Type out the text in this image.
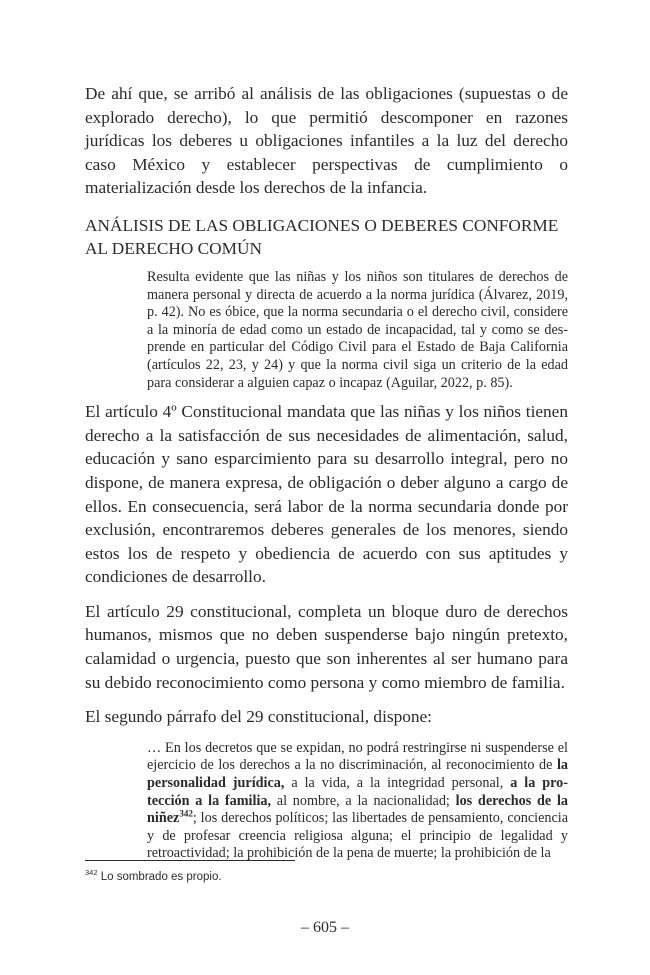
De ahí que, se arribó al análisis de las obligaciones (supuestas o de explorado derecho), lo que permitió descomponer en razones jurídicas los deberes u obligaciones infantiles a la luz del derecho caso México y establecer perspectivas de cumplimiento o materialización desde los derechos de la infancia.

ANÁLISIS DE LAS OBLIGACIONES O DEBERES CONFORME AL DERECHO COMÚN

Resulta evidente que las niñas y los niños son titulares de derechos de manera personal y directa de acuerdo a la norma jurídica (Álvarez, 2019, p. 42). No es óbice, que la norma secundaria o el derecho civil, considere a la minoría de edad como un estado de incapacidad, tal y como se desprende en particular del Código Civil para el Estado de Baja California (artículos 22, 23, y 24) y que la norma civil siga un criterio de la edad para considerar a alguien capaz o incapaz (Aguilar, 2022, p. 85).

El artículo 4º Constitucional mandata que las niñas y los niños tienen derecho a la satisfacción de sus necesidades de alimentación, salud, educación y sano esparcimiento para su desarrollo integral, pero no dispone, de manera expresa, de obligación o deber alguno a cargo de ellos. En consecuencia, será labor de la norma secundaria donde por exclusión, encontraremos deberes generales de los menores, siendo estos los de respeto y obediencia de acuerdo con sus aptitudes y condiciones de desarrollo.

El artículo 29 constitucional, completa un bloque duro de derechos humanos, mismos que no deben suspenderse bajo ningún pretexto, calamidad o urgencia, puesto que son inherentes al ser humano para su debido reconocimiento como persona y como miembro de familia.

El segundo párrafo del 29 constitucional, dispone:

… En los decretos que se expidan, no podrá restringirse ni suspenderse el ejercicio de los derechos a la no discriminación, al reconocimiento de la personalidad jurídica, a la vida, a la integridad personal, a la protección a la familia, al nombre, a la nacionalidad; los derechos de la niñez$^{342}$; los derechos políticos; las libertades de pensamiento, conciencia y de profesar creencia religiosa alguna; el principio de legalidad y retroactividad; la prohibición de la pena de muerte; la prohibición de la

$^{342}$ Lo sombrado es propio.
– 605 –
